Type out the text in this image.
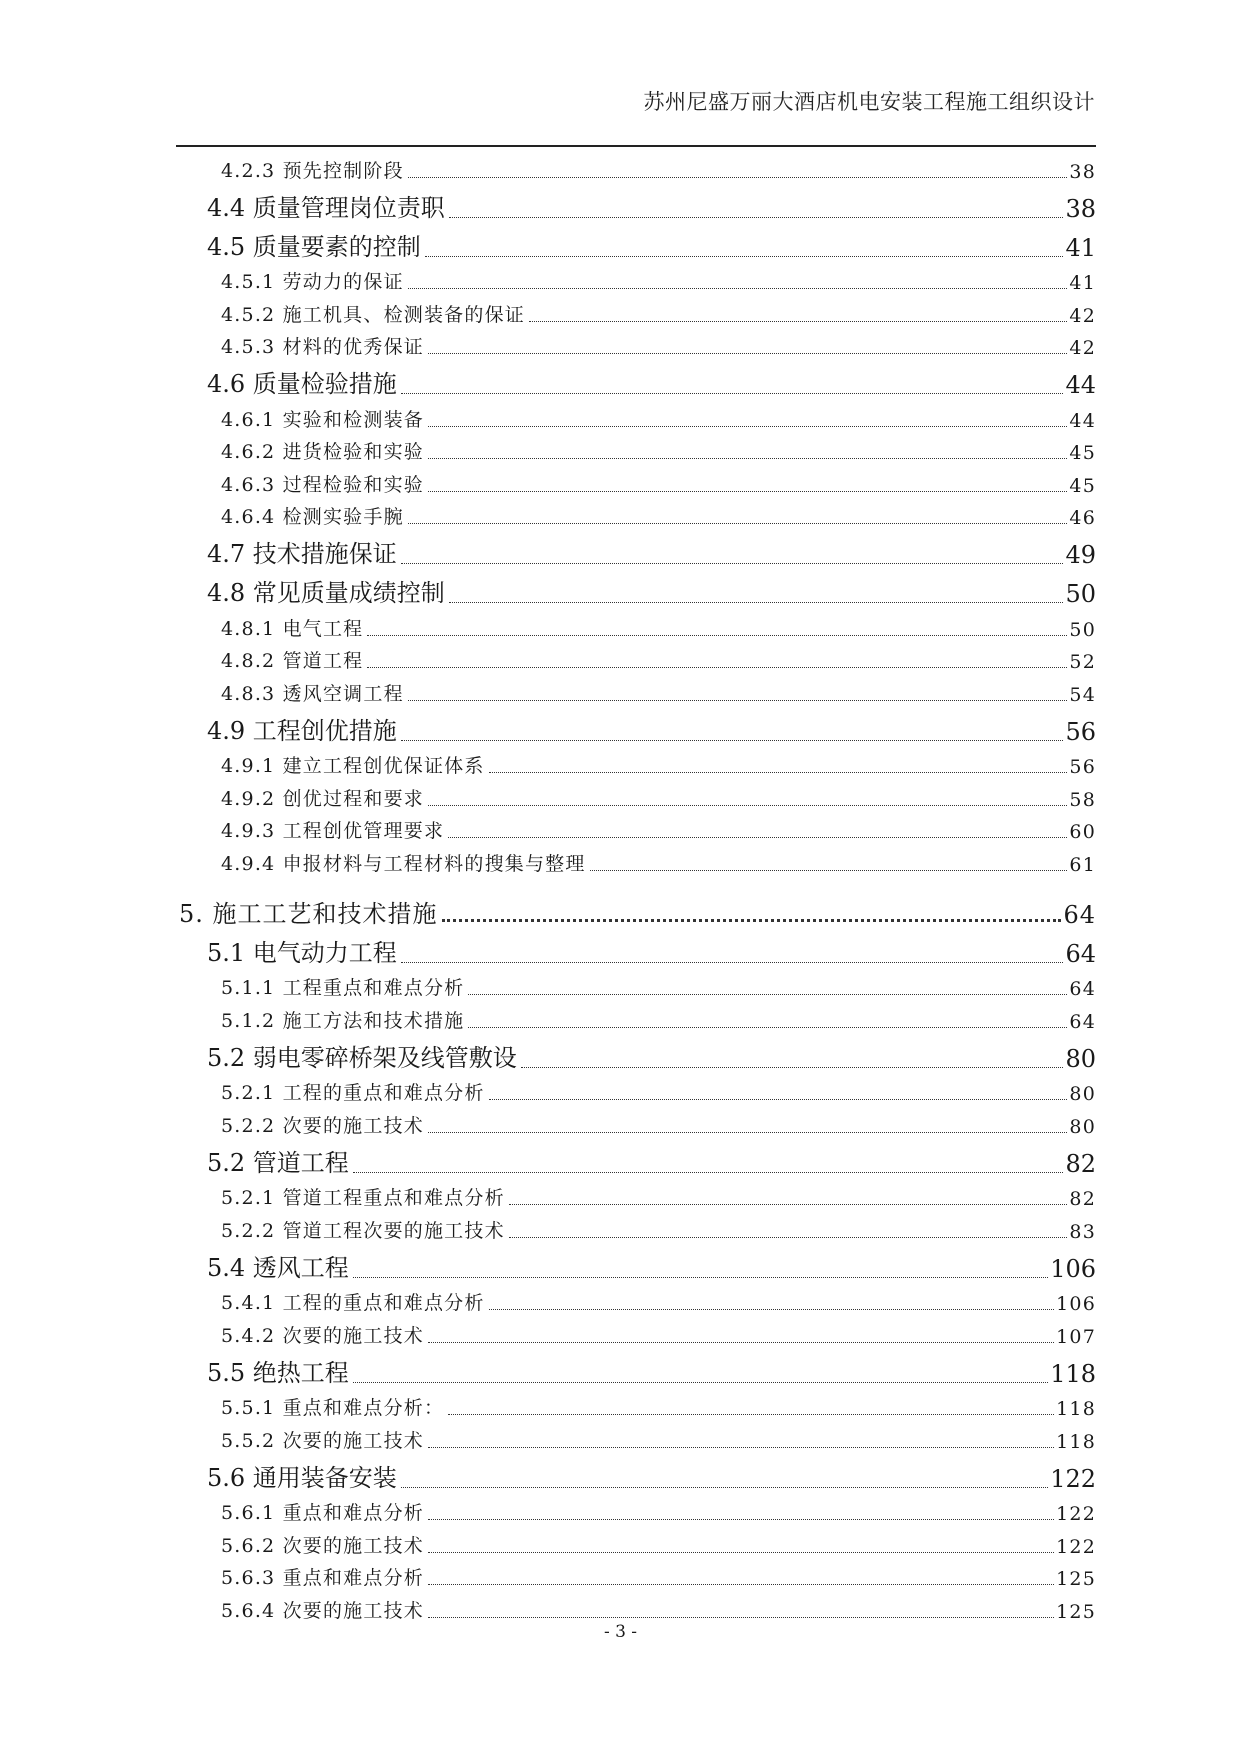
苏州尼盛万丽大酒店机电安装工程施工组织设计
4.2.3 预先控制阶段	38
4.4 质量管理岗位责职	38
4.5 质量要素的控制	41
4.5.1 劳动力的保证	41
4.5.2 施工机具、检测装备的保证	42
4.5.3 材料的优秀保证	42
4.6 质量检验措施	44
4.6.1 实验和检测装备	44
4.6.2 进货检验和实验	45
4.6.3 过程检验和实验	45
4.6.4 检测实验手腕	46
4.7 技术措施保证	49
4.8 常见质量成绩控制	50
4.8.1 电气工程	50
4.8.2 管道工程	52
4.8.3 透风空调工程	54
4.9 工程创优措施	56
4.9.1 建立工程创优保证体系	56
4.9.2 创优过程和要求	58
4.9.3 工程创优管理要求	60
4.9.4 申报材料与工程材料的搜集与整理	61
5. 施工工艺和技术措施	64
5.1 电气动力工程	64
5.1.1 工程重点和难点分析	64
5.1.2 施工方法和技术措施	64
5.2 弱电零碎桥架及线管敷设	80
5.2.1 工程的重点和难点分析	80
5.2.2 次要的施工技术	80
5.2 管道工程	82
5.2.1 管道工程重点和难点分析	82
5.2.2 管道工程次要的施工技术	83
5.4 透风工程	106
5.4.1 工程的重点和难点分析	106
5.4.2 次要的施工技术	107
5.5 绝热工程	118
5.5.1 重点和难点分析：	118
5.5.2 次要的施工技术	118
5.6 通用装备安装	122
5.6.1 重点和难点分析	122
5.6.2 次要的施工技术	122
5.6.3 重点和难点分析	125
5.6.4 次要的施工技术	125
- 3 -
